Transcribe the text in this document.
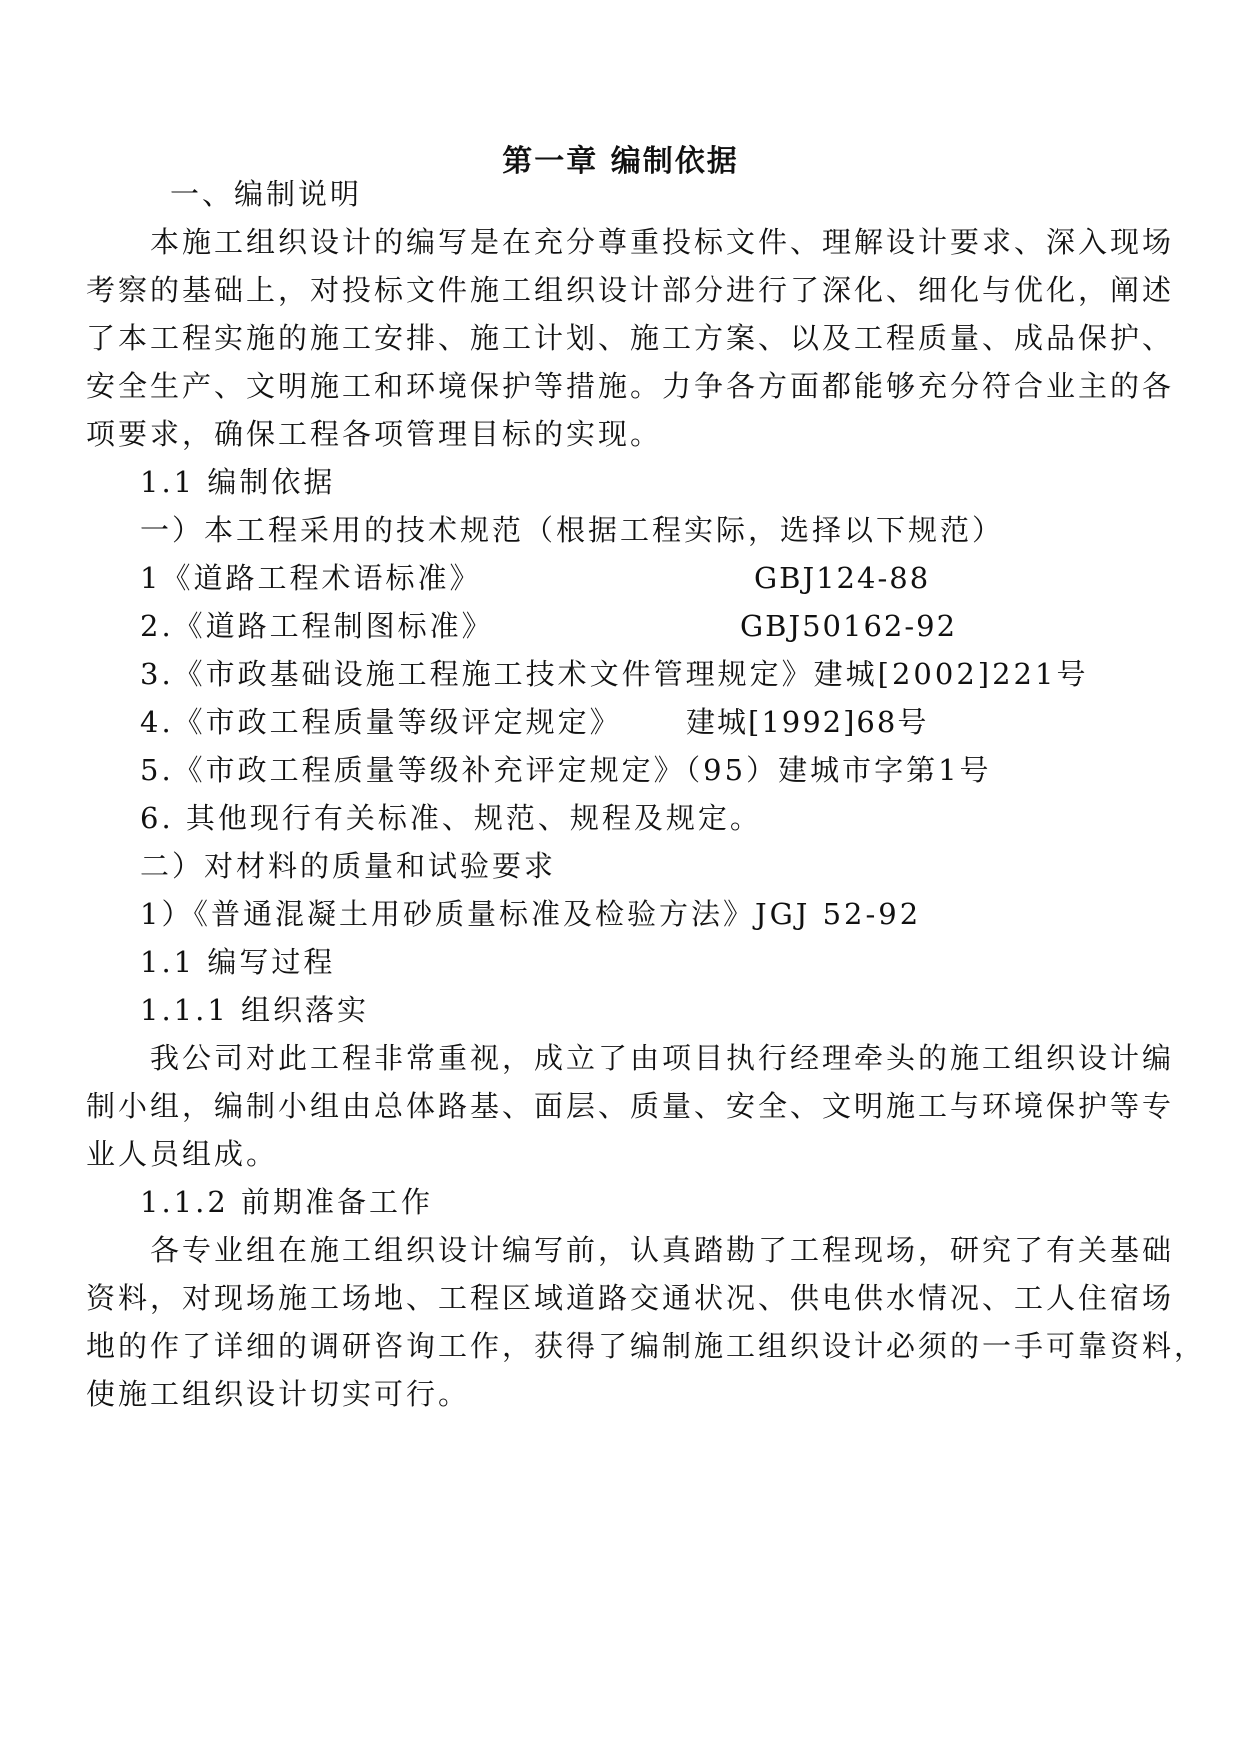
第一章 编制依据
一、编制说明
本施工组织设计的编写是在充分尊重投标文件、理解设计要求、深入现场
考察的基础上，对投标文件施工组织设计部分进行了深化、细化与优化，阐述
了本工程实施的施工安排、施工计划、施工方案、以及工程质量、成品保护、
安全生产、文明施工和环境保护等措施。力争各方面都能够充分符合业主的各
项要求，确保工程各项管理目标的实现。
1.1 编制依据
一）本工程采用的技术规范（根据工程实际，选择以下规范）
1《道路工程术语标准》	GBJ124-88
2.《道路工程制图标准》	GBJ50162-92
3.《市政基础设施工程施工技术文件管理规定》建城[2002]221号
4.《市政工程质量等级评定规定》 建城[1992]68号
5.《市政工程质量等级补充评定规定》（95）建城市字第1号
6. 其他现行有关标准、规范、规程及规定。
二）对材料的质量和试验要求
1）《普通混凝土用砂质量标准及检验方法》JGJ 52-92
1.1 编写过程
1.1.1 组织落实
我公司对此工程非常重视，成立了由项目执行经理牵头的施工组织设计编
制小组，编制小组由总体路基、面层、质量、安全、文明施工与环境保护等专
业人员组成。
1.1.2 前期准备工作
各专业组在施工组织设计编写前，认真踏勘了工程现场，研究了有关基础
资料，对现场施工场地、工程区域道路交通状况、供电供水情况、工人住宿场
地的作了详细的调研咨询工作，获得了编制施工组织设计必须的一手可靠资料，
使施工组织设计切实可行。
